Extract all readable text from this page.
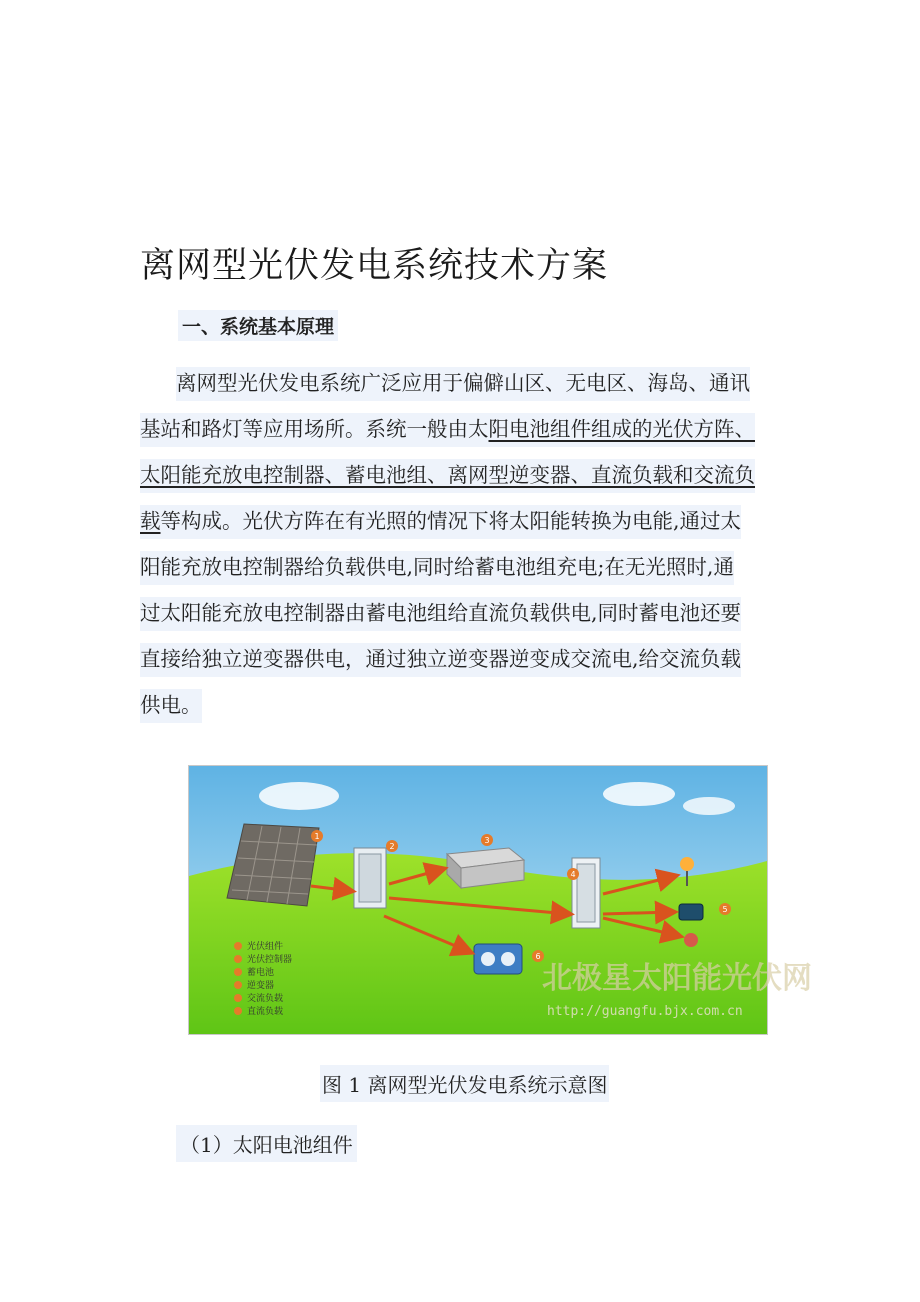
离网型光伏发电系统技术方案
一、系统基本原理
离网型光伏发电系统广泛应用于偏僻山区、无电区、海岛、通讯
基站和路灯等应用场所。系统一般由太阳电池组件组成的光伏方阵、
太阳能充放电控制器、蓄电池组、离网型逆变器、直流负载和交流负
载等构成。光伏方阵在有光照的情况下将太阳能转换为电能,通过太
阳能充放电控制器给负载供电,同时给蓄电池组充电;在无光照时,通
过太阳能充放电控制器由蓄电池组给直流负载供电,同时蓄电池还要
直接给独立逆变器供电，通过独立逆变器逆变成交流电,给交流负载
供电。
1
2
3
4
5
6
光伏组件
光伏控制器
蓄电池
逆变器
交流负载
直流负载
北极星太阳能光伏网
http://guangfu.bjx.com.cn
图 1 离网型光伏发电系统示意图
（1）太阳电池组件
